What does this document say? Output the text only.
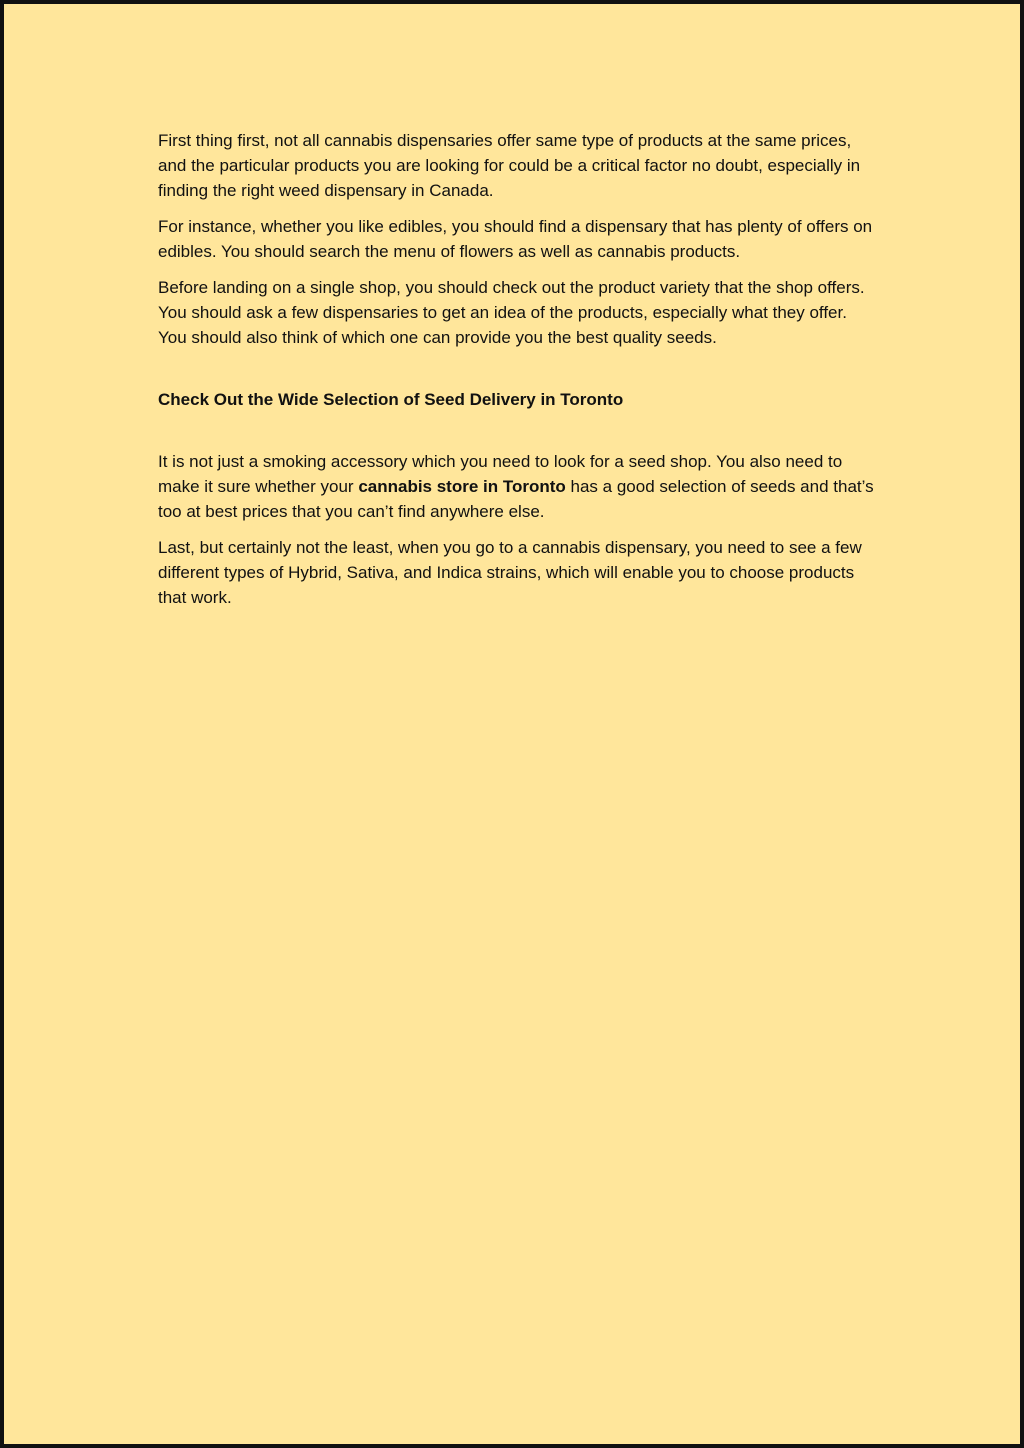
First thing first, not all cannabis dispensaries offer same type of products at the same prices, and the particular products you are looking for could be a critical factor no doubt, especially in finding the right weed dispensary in Canada.

For instance, whether you like edibles, you should find a dispensary that has plenty of offers on edibles. You should search the menu of flowers as well as cannabis products.

Before landing on a single shop, you should check out the product variety that the shop offers. You should ask a few dispensaries to get an idea of the products, especially what they offer. You should also think of which one can provide you the best quality seeds.

Check Out the Wide Selection of Seed Delivery in Toronto

It is not just a smoking accessory which you need to look for a seed shop. You also need to make it sure whether your cannabis store in Toronto has a good selection of seeds and that’s too at best prices that you can’t find anywhere else.

Last, but certainly not the least, when you go to a cannabis dispensary, you need to see a few different types of Hybrid, Sativa, and Indica strains, which will enable you to choose products that work.
